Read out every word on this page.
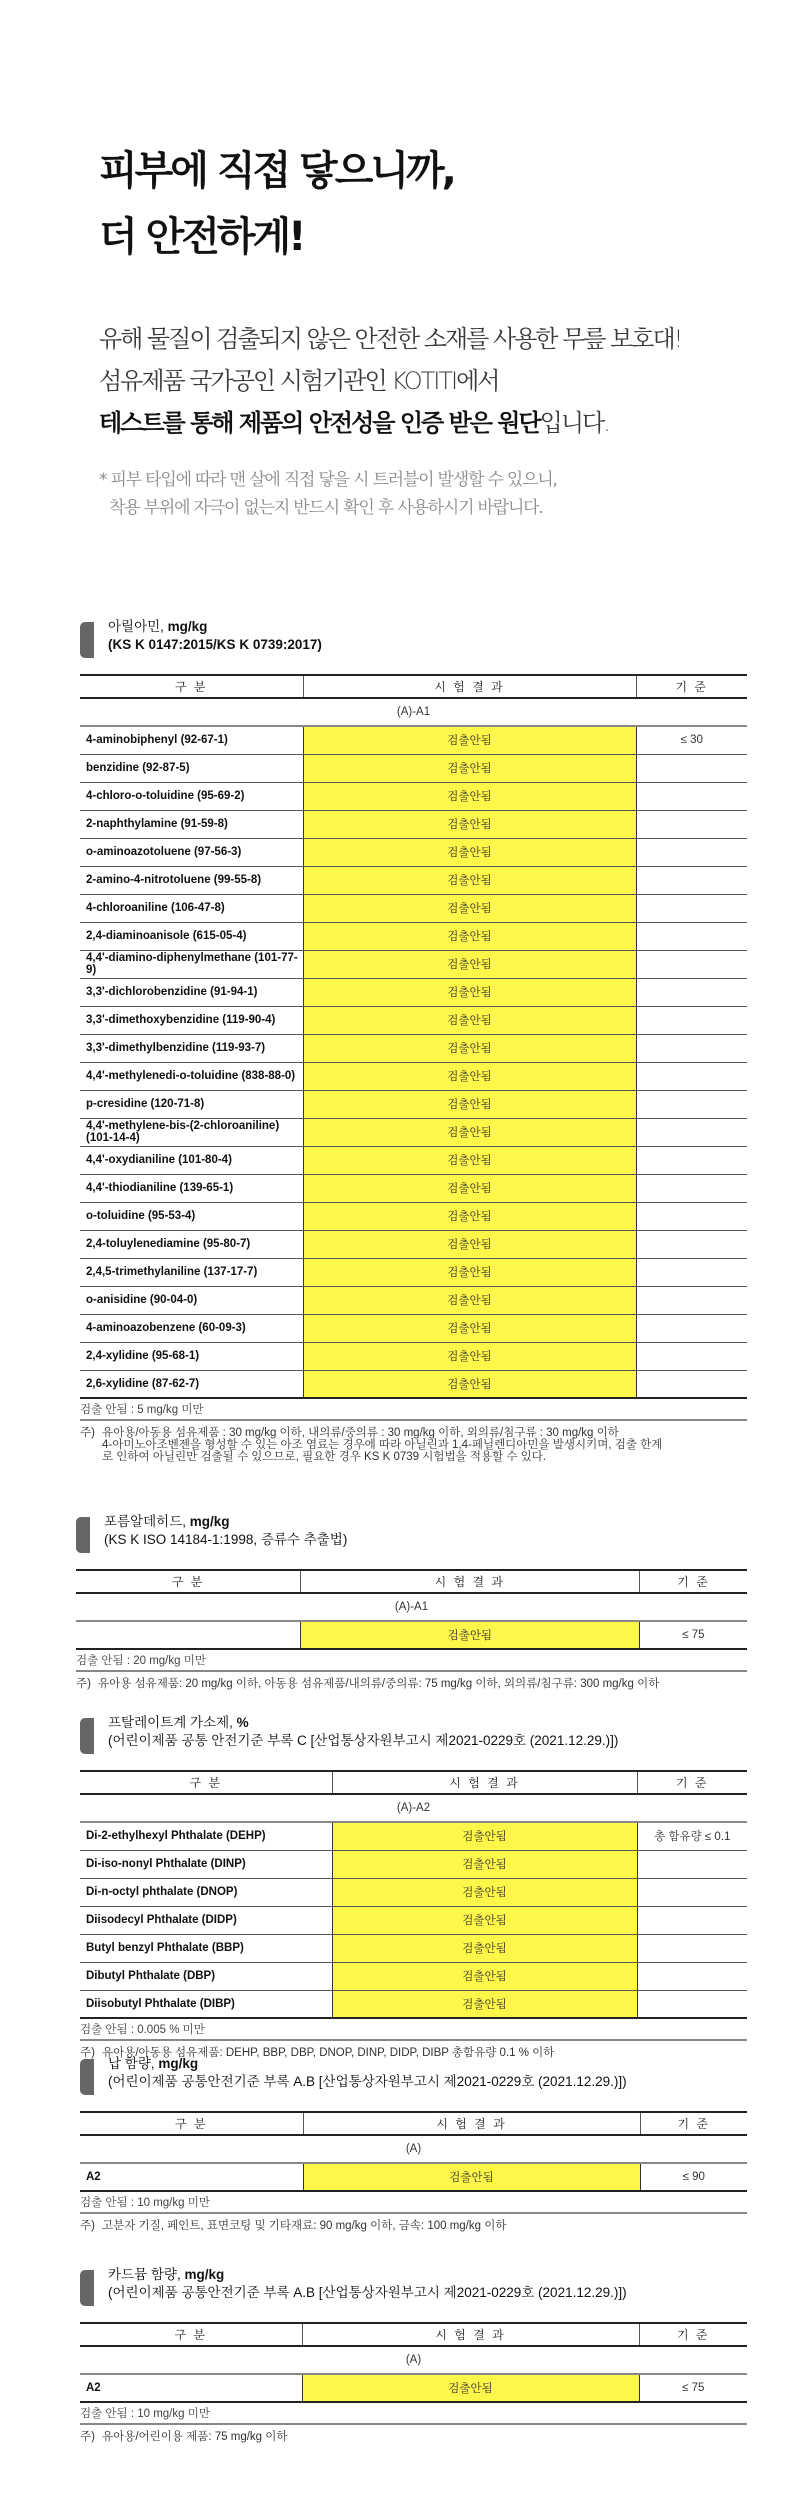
피부에 직접 닿으니까,
더 안전하게!
유해 물질이 검출되지 않은 안전한 소재를 사용한 무릎 보호대!
섬유제품 국가공인 시험기관인 KOTITI에서
테스트를 통해 제품의 안전성을 인증 받은 원단입니다.
* 피부 타입에 따라 맨 살에 직접 닿을 시 트러블이 발생할 수 있으니,
착용 부위에 자극이 없는지 반드시 확인 후 사용하시기 바랍니다.
아릴아민, mg/kg
(KS K 0147:2015/KS K 0739:2017)
구 분	시 험 결 과	기 준
(A)-A1		
4-aminobiphenyl (92-67-1)	검출안됨	≤ 30
benzidine (92-87-5)	검출안됨	
4-chloro-o-toluidine (95-69-2)	검출안됨	
2-naphthylamine (91-59-8)	검출안됨	
o-aminoazotoluene (97-56-3)	검출안됨	
2-amino-4-nitrotoluene (99-55-8)	검출안됨	
4-chloroaniline (106-47-8)	검출안됨	
2,4-diaminoanisole (615-05-4)	검출안됨	
4,4'-diamino-diphenylmethane (101-77-9)	검출안됨	
3,3'-dichlorobenzidine (91-94-1)	검출안됨	
3,3'-dimethoxybenzidine (119-90-4)	검출안됨	
3,3'-dimethylbenzidine (119-93-7)	검출안됨	
4,4'-methylenedi-o-toluidine (838-88-0)	검출안됨	
p-cresidine (120-71-8)	검출안됨	
4,4'-methylene-bis-(2-chloroaniline) (101-14-4)	검출안됨	
4,4'-oxydianiline (101-80-4)	검출안됨	
4,4'-thiodianiline (139-65-1)	검출안됨	
o-toluidine (95-53-4)	검출안됨	
2,4-toluylenediamine (95-80-7)	검출안됨	
2,4,5-trimethylaniline (137-17-7)	검출안됨	
o-anisidine (90-04-0)	검출안됨	
4-aminoazobenzene (60-09-3)	검출안됨	
2,4-xylidine (95-68-1)	검출안됨	
2,6-xylidine (87-62-7)	검출안됨	
검출 안됨 : 5 mg/kg 미만
주) 유아용/아동용 섬유제품 : 30 mg/kg 이하, 내의류/중의류 : 30 mg/kg 이하, 외의류/침구류 : 30 mg/kg 이하
4-아미노아조벤젠을 형성할 수 있는 아조 염료는 경우에 따라 아닐린과 1,4-페닐렌디아민을 발생시키며, 검출 한계
로 인하여 아닐린만 검출될 수 있으므로, 필요한 경우 KS K 0739 시험법을 적용할 수 있다.
포름알데히드, mg/kg
(KS K ISO 14184-1:1998, 증류수 추출법)
구 분	시 험 결 과	기 준
(A)-A1		
	검출안됨	≤ 75
검출 안됨 : 20 mg/kg 미만
주) 유아용 섬유제품: 20 mg/kg 이하, 아동용 섬유제품/내의류/중의류: 75 mg/kg 이하, 외의류/침구류: 300 mg/kg 이하
프탈레이트계 가소제, %
(어린이제품 공통 안전기준 부록 C [산업통상자원부고시 제2021-0229호 (2021.12.29.)])
구 분	시 험 결 과	기 준
(A)-A2		
Di-2-ethylhexyl Phthalate (DEHP)	검출안됨	총 함유량 ≤ 0.1
Di-iso-nonyl Phthalate (DINP)	검출안됨	
Di-n-octyl phthalate (DNOP)	검출안됨	
Diisodecyl Phthalate (DIDP)	검출안됨	
Butyl benzyl Phthalate (BBP)	검출안됨	
Dibutyl Phthalate (DBP)	검출안됨	
Diisobutyl Phthalate (DIBP)	검출안됨	
검출 안됨 : 0.005 % 미만
주) 유아용/아동용 섬유제품: DEHP, BBP, DBP, DNOP, DINP, DIDP, DIBP 총함유량 0.1 % 이하
납 함량, mg/kg
(어린이제품 공통안전기준 부록 A.B [산업통상자원부고시 제2021-0229호 (2021.12.29.)])
구 분	시 험 결 과	기 준
(A)		
A2	검출안됨	≤ 90
검출 안됨 : 10 mg/kg 미만
주) 고분자 기질, 페인트, 표면코팅 및 기타재료: 90 mg/kg 이하, 금속: 100 mg/kg 이하
카드뮴 함량, mg/kg
(어린이제품 공통안전기준 부록 A.B [산업통상자원부고시 제2021-0229호 (2021.12.29.)])
구 분	시 험 결 과	기 준
(A)		
A2	검출안됨	≤ 75
검출 안됨 : 10 mg/kg 미만
주) 유아용/어린이용 제품: 75 mg/kg 이하
